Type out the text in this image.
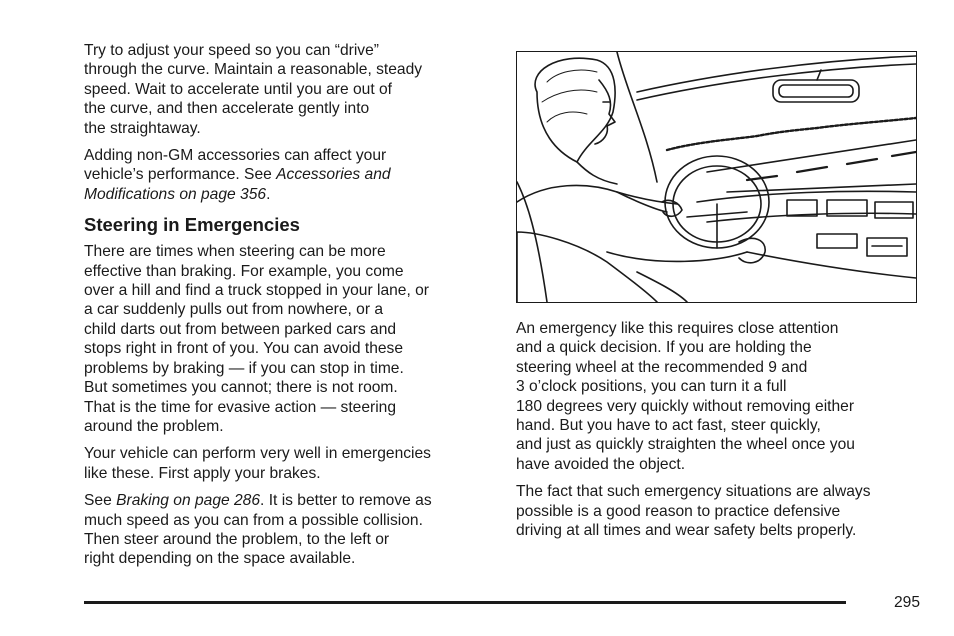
Try to adjust your speed so you can “drive”
through the curve. Maintain a reasonable, steady
speed. Wait to accelerate until you are out of
the curve, and then accelerate gently into
the straightaway.
Adding non-GM accessories can affect your
vehicle’s performance. See Accessories and
Modifications on page 356.
Steering in Emergencies
There are times when steering can be more
effective than braking. For example, you come
over a hill and find a truck stopped in your lane, or
a car suddenly pulls out from nowhere, or a
child darts out from between parked cars and
stops right in front of you. You can avoid these
problems by braking — if you can stop in time.
But sometimes you cannot; there is not room.
That is the time for evasive action — steering
around the problem.
Your vehicle can perform very well in emergencies
like these. First apply your brakes.
See Braking on page 286. It is better to remove as
much speed as you can from a possible collision.
Then steer around the problem, to the left or
right depending on the space available.
An emergency like this requires close attention
and a quick decision. If you are holding the
steering wheel at the recommended 9 and
3 o’clock positions, you can turn it a full
180 degrees very quickly without removing either
hand. But you have to act fast, steer quickly,
and just as quickly straighten the wheel once you
have avoided the object.
The fact that such emergency situations are always
possible is a good reason to practice defensive
driving at all times and wear safety belts properly.
295
